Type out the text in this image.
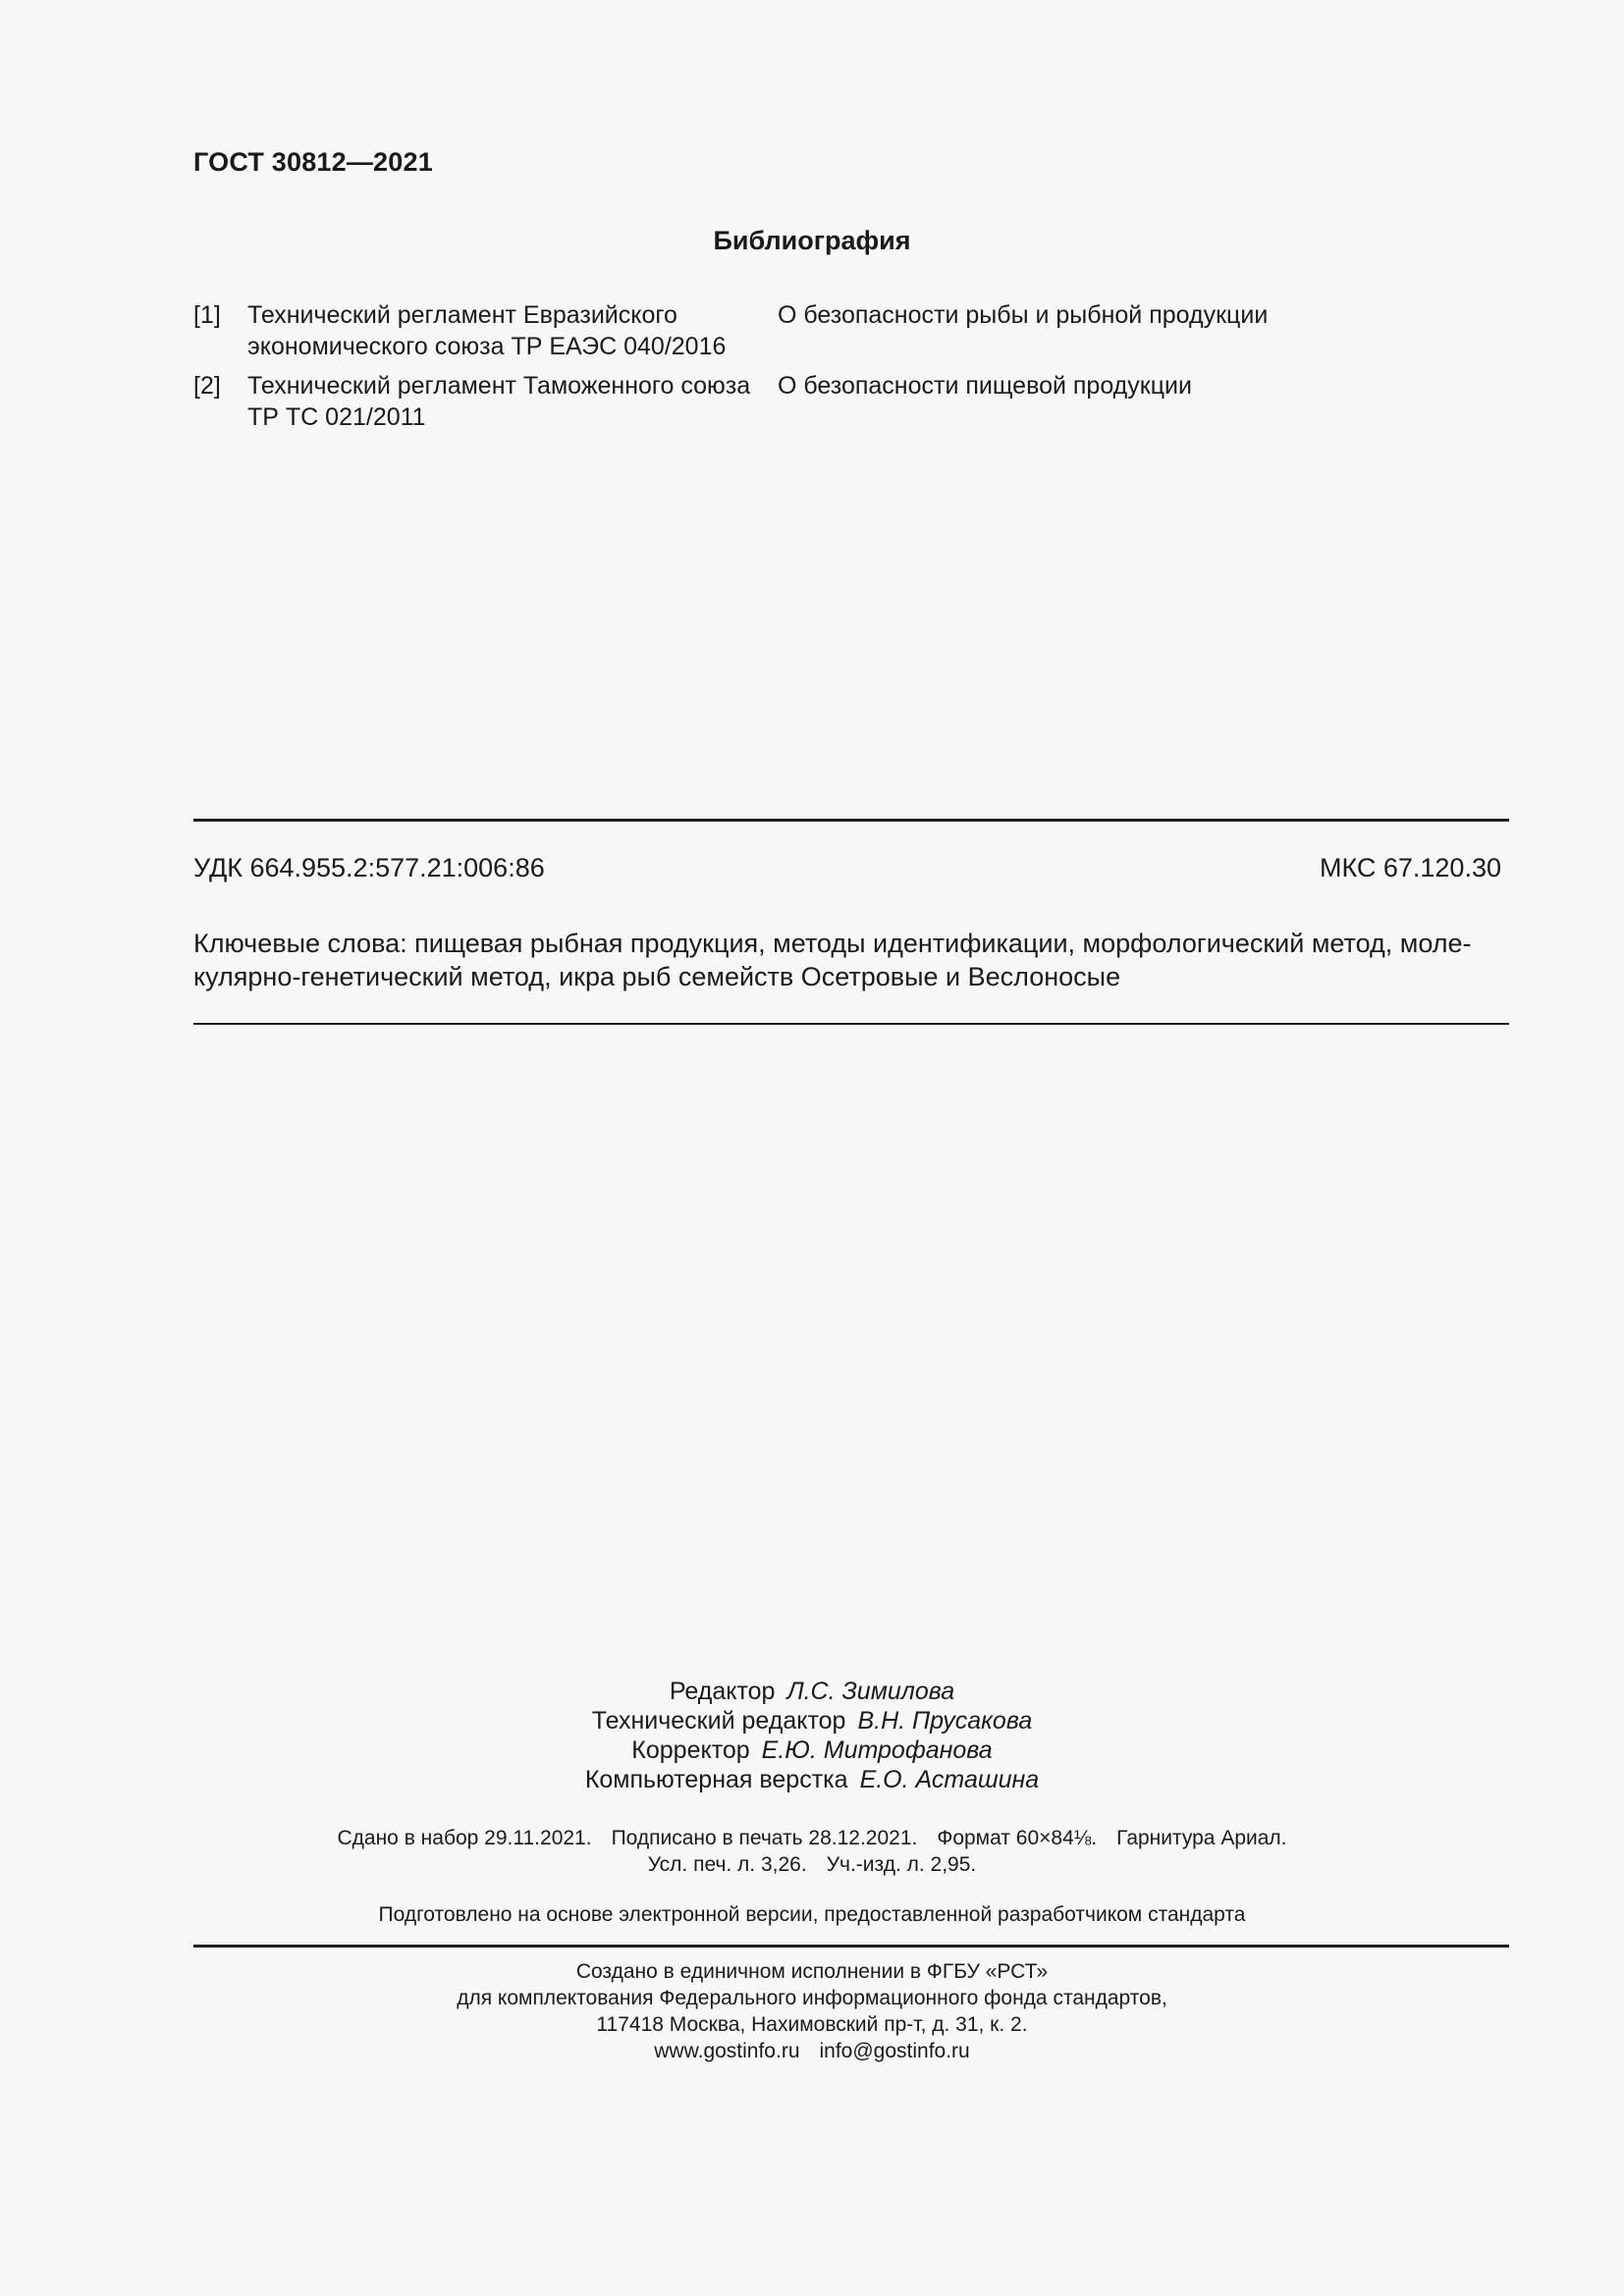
ГОСТ 30812—2021
Библиография
[1] Технический регламент Евразийского
экономического союза ТР ЕАЭС 040/2016
О безопасности рыбы и рыбной продукции
[2] Технический регламент Таможенного союза
ТР ТС 021/2011
О безопасности пищевой продукции
УДК 664.955.2:577.21:006:86	МКС 67.120.30
Ключевые слова: пищевая рыбная продукция, методы идентификации, морфологический метод, моле-
кулярно-генетический метод, икра рыб семейств Осетровые и Веслоносые
Редактор Л.С. Зимилова
Технический редактор В.Н. Прусакова
Корректор Е.Ю. Митрофанова
Компьютерная верстка Е.О. Асташина
Сдано в набор 29.11.2021. Подписано в печать 28.12.2021. Формат 60×84⅛. Гарнитура Ариал.
Усл. печ. л. 3,26. Уч.-изд. л. 2,95.
Подготовлено на основе электронной версии, предоставленной разработчиком стандарта
Создано в единичном исполнении в ФГБУ «РСТ»
для комплектования Федерального информационного фонда стандартов,
117418 Москва, Нахимовский пр-т, д. 31, к. 2.
www.gostinfo.ru info@gostinfo.ru
